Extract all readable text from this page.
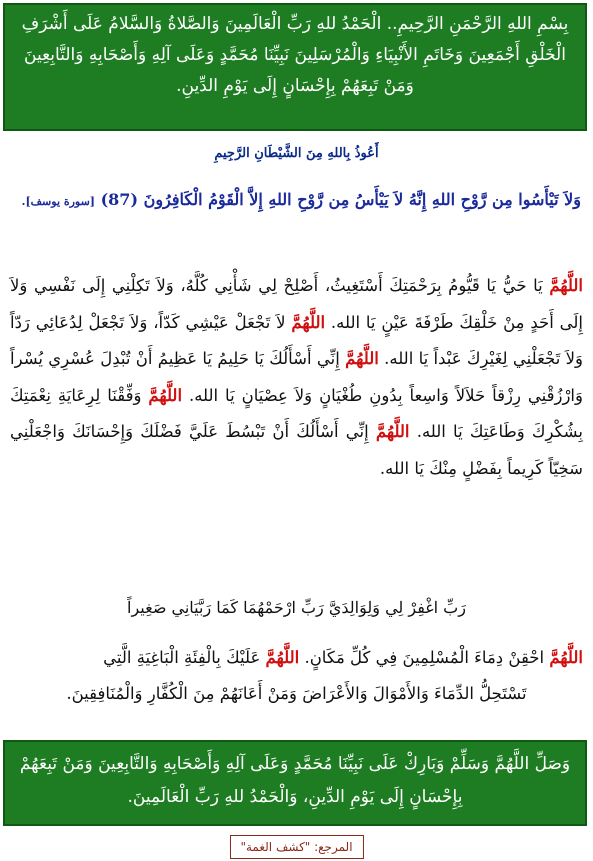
بِسْمِ اللهِ الرَّحْمَنِ الرَّحِيمِ.. الْحَمْدُ للهِ رَبِّ الْعَالَمِينَ وَالصَّلاةُ وَالسَّلامُ عَلَى أَشْرَفِ الْخَلْقِ أَجْمَعِينَ وَخَاتَمِ الأَنْبِيَاءِ وَالْمُرْسَلِينَ نَبِيِّنَا مُحَمَّدٍ وَعَلَى آلِهِ وَأَصْحَابِهِ وَالتَّابِعِينَ وَمَنْ تَبِعَهُمْ بِإِحْسَانٍ إِلَى يَوْمِ الدِّينِ.
أَعُوذُ بِاللهِ مِنَ الشَّيْطَانِ الرَّجِيمِ
وَلاَ تَيْأَسُوا مِن رَّوْحِ اللهِ إِنَّهُ لاَ يَيْأَسُ مِن رَّوْحِ اللهِ إِلاَّ الْقَوْمُ الْكَافِرُونَ (87) [سورة يوسف].
اللَّهُمَّ يَا حَيُّ يَا قَيُّومُ بِرَحْمَتِكَ أَسْتَغِيثُ، أَصْلِحْ لِي شَأْنِي كُلَّهُ، وَلاَ تَكِلْنِي إِلَى نَفْسِي وَلاَ إِلَى أَحَدٍ مِنْ خَلْقِكَ طَرْفَةَ عَيْنٍ يَا الله. اللَّهُمَّ لاَ تَجْعَلْ عَيْشِي كَدّاً، وَلاَ تَجْعَلْ لِدُعَائِي رَدّاً وَلاَ تَجْعَلْنِي لِغَيْرِكَ عَبْداً يَا الله. اللَّهُمَّ إِنِّي أَسْأَلُكَ يَا حَلِيمُ يَا عَظِيمُ أَنْ تُبْدِلَ عُسْرِي يُسْراً وَارْزُقْنِي رِزْقاً حَلاَلاً وَاسِعاً بِدُونِ طُغْيَانٍ وَلاَ عِصْيَانٍ يَا الله. اللَّهُمَّ وَفِّقْنَا لِرِعَايَةِ نِعْمَتِكَ بِشُكْرِكَ وَطَاعَتِكَ يَا الله. اللَّهُمَّ إِنِّي أَسْأَلُكَ أَنْ تَبْسُطَ عَلَيَّ فَضْلَكَ وَإِحْسَانَكَ وَاجْعَلْنِي سَخِيّاً كَرِيماً بِفَضْلٍ مِنْكَ يَا الله.
رَبِّ اغْفِرْ لِي وَلِوَالِدَيَّ رَبِّ ارْحَمْهُمَا كَمَا رَبَّيَانِي صَغِيراً
اللَّهُمَّ احْقِنْ دِمَاءَ الْمُسْلِمِينَ فِي كُلِّ مَكَانٍ. اللَّهُمَّ عَلَيْكَ بِالْفِئَةِ الْبَاغِيَةِ الَّتِي
تَسْتَحِلُّ الدِّمَاءَ وَالأَمْوَالَ وَالأَعْرَاضَ وَمَنْ أَعَانَهُمْ مِنَ الْكُفَّارِ وَالْمُنَافِقِينَ.
وَصَلِّ اللَّهُمَّ وَسَلِّمْ وَبَارِكْ عَلَى نَبِيِّنَا مُحَمَّدٍ وَعَلَى آلِهِ وَأَصْحَابِهِ وَالتَّابِعِينَ وَمَنْ تَبِعَهُمْ بِإِحْسَانٍ إِلَى يَوْمِ الدِّينِ، وَالْحَمْدُ للهِ رَبِّ الْعَالَمِينَ.
المرجع: "كشف الغمة"
